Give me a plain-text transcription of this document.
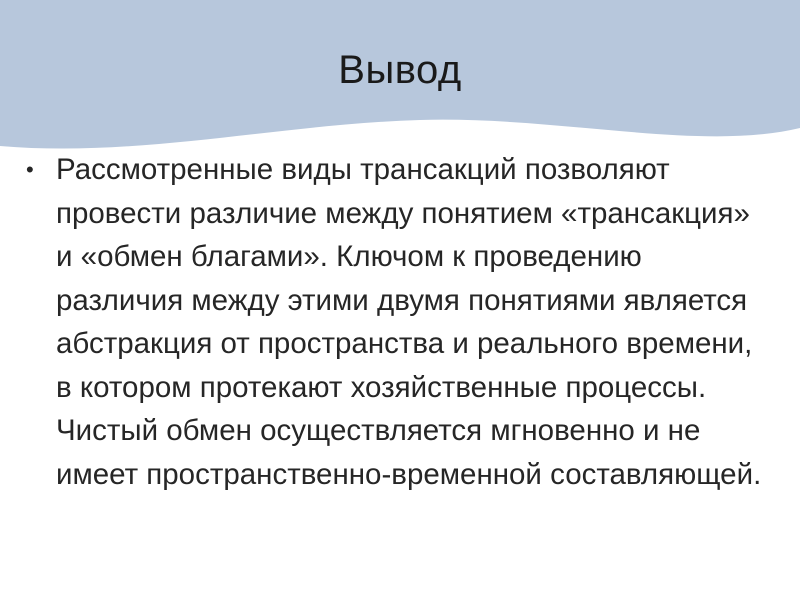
Вывод
• Рассмотренные виды трансакций позволяют провести различие между понятием «трансакция» и «обмен благами». Ключом к проведению различия между этими двумя понятиями является абстракция от пространства и реального времени, в котором протекают хозяйственные процессы. Чистый обмен осуществляется мгновенно и не имеет пространственно-временной составляющей.
